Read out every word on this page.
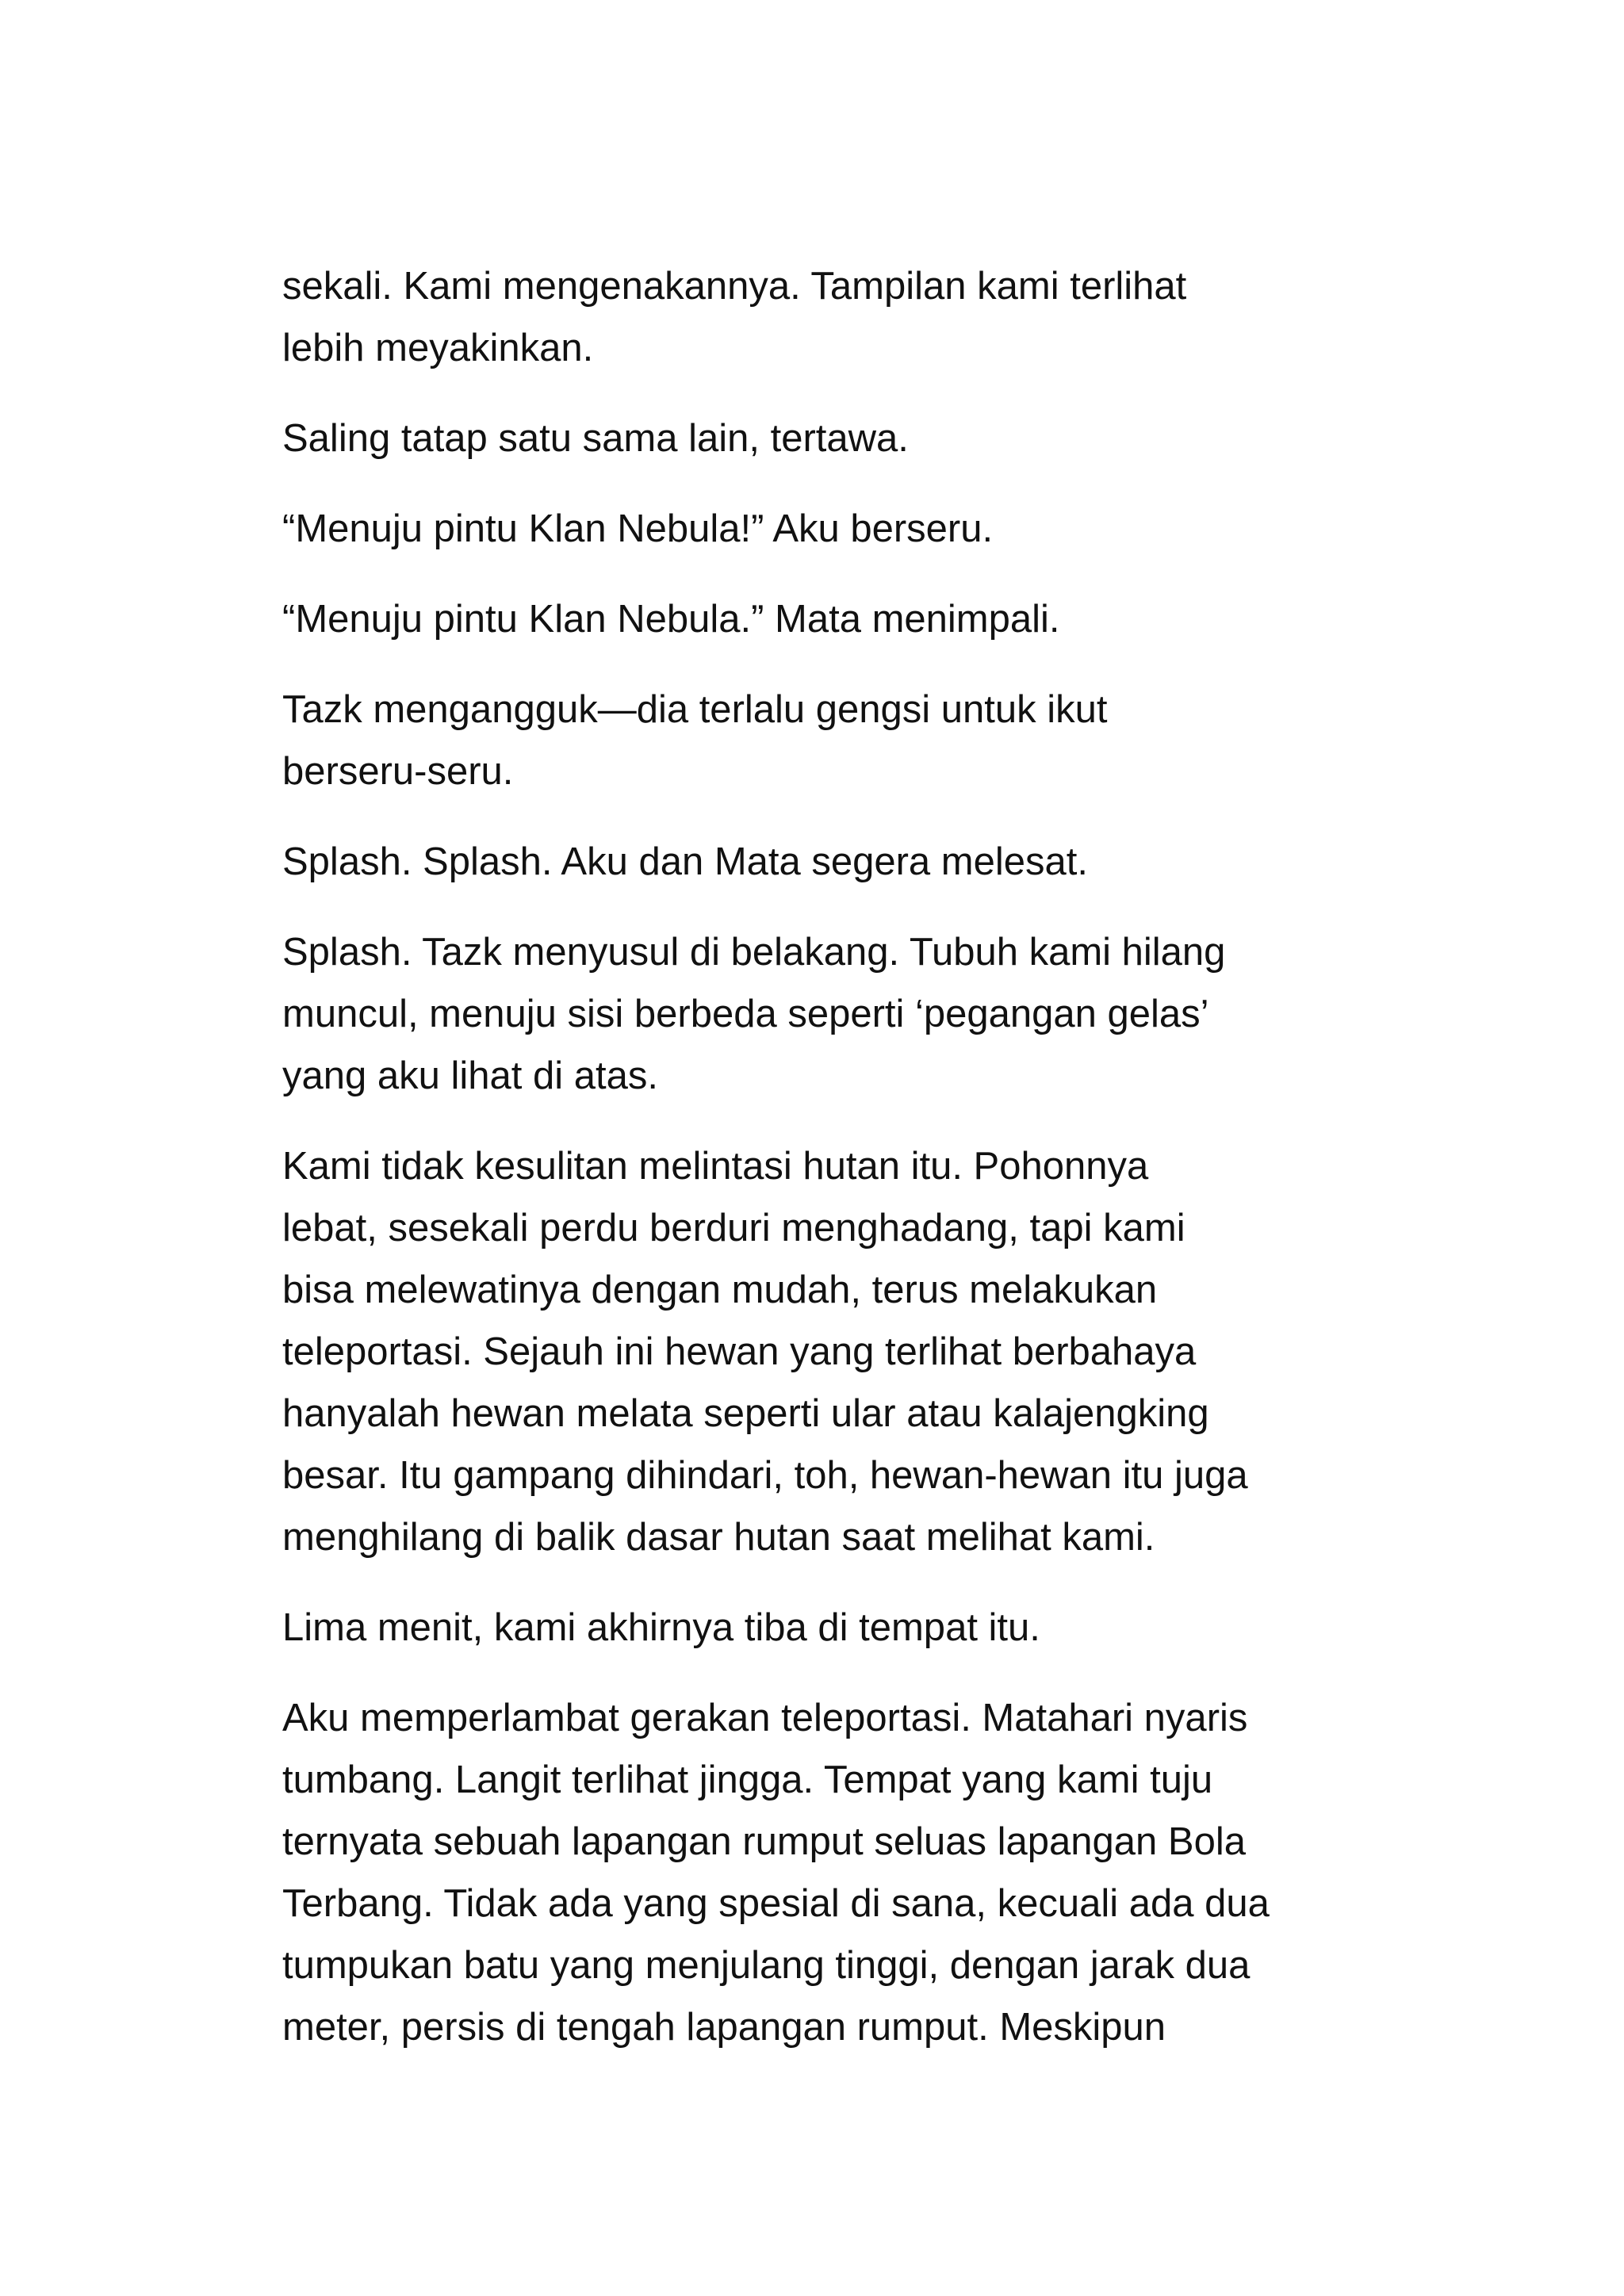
sekali. Kami mengenakannya. Tampilan kami terlihat
lebih meyakinkan.

Saling tatap satu sama lain, tertawa.

“Menuju pintu Klan Nebula!” Aku berseru.

“Menuju pintu Klan Nebula.” Mata menimpali.

Tazk mengangguk—dia terlalu gengsi untuk ikut
berseru-seru.

Splash. Splash. Aku dan Mata segera melesat.

Splash. Tazk menyusul di belakang. Tubuh kami hilang
muncul, menuju sisi berbeda seperti ‘pegangan gelas’
yang aku lihat di atas.

Kami tidak kesulitan melintasi hutan itu. Pohonnya
lebat, sesekali perdu berduri menghadang, tapi kami
bisa melewatinya dengan mudah, terus melakukan
teleportasi. Sejauh ini hewan yang terlihat berbahaya
hanyalah hewan melata seperti ular atau kalajengking
besar. Itu gampang dihindari, toh, hewan-hewan itu juga
menghilang di balik dasar hutan saat melihat kami.

Lima menit, kami akhirnya tiba di tempat itu.

Aku memperlambat gerakan teleportasi. Matahari nyaris
tumbang. Langit terlihat jingga. Tempat yang kami tuju
ternyata sebuah lapangan rumput seluas lapangan Bola
Terbang. Tidak ada yang spesial di sana, kecuali ada dua
tumpukan batu yang menjulang tinggi, dengan jarak dua
meter, persis di tengah lapangan rumput. Meskipun
